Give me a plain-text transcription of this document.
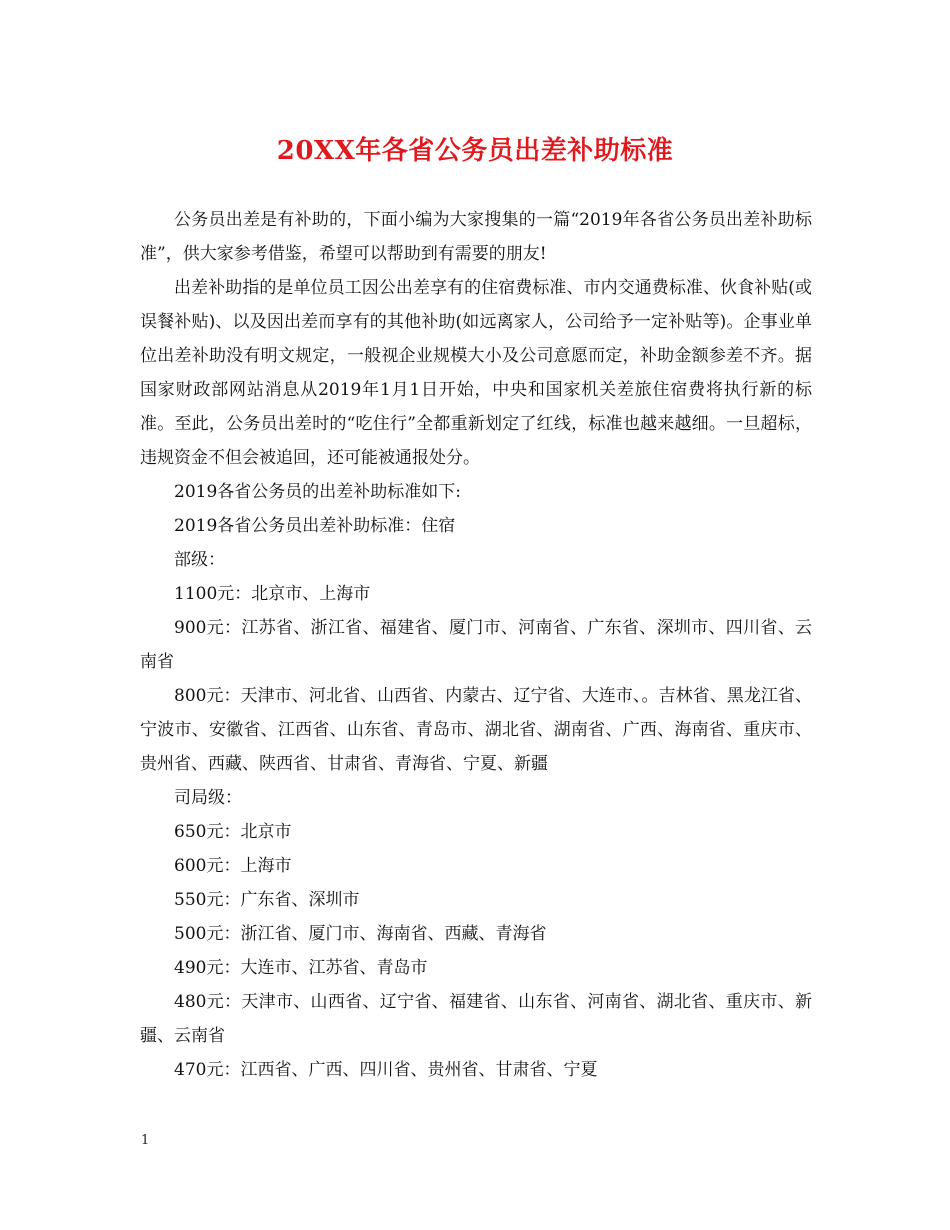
20XX年各省公务员出差补助标准

公务员出差是有补助的，下面小编为大家搜集的一篇“2019年各省公务员出差补助标准”，供大家参考借鉴，希望可以帮助到有需要的朋友!

出差补助指的是单位员工因公出差享有的住宿费标准、市内交通费标准、伙食补贴(或误餐补贴)、以及因出差而享有的其他补助(如远离家人，公司给予一定补贴等)。企事业单位出差补助没有明文规定，一般视企业规模大小及公司意愿而定，补助金额参差不齐。据国家财政部网站消息从2019年1月1日开始，中央和国家机关差旅住宿费将执行新的标准。至此，公务员出差时的“吃住行”全都重新划定了红线，标准也越来越细。一旦超标，违规资金不但会被追回，还可能被通报处分。

2019各省公务员的出差补助标准如下:

2019各省公务员出差补助标准：住宿

部级：

1100元：北京市、上海市

900元：江苏省、浙江省、福建省、厦门市、河南省、广东省、深圳市、四川省、云南省

800元：天津市、河北省、山西省、内蒙古、辽宁省、大连市、。吉林省、黑龙江省、宁波市、安徽省、江西省、山东省、青岛市、湖北省、湖南省、广西、海南省、重庆市、贵州省、西藏、陕西省、甘肃省、青海省、宁夏、新疆

司局级：

650元：北京市

600元：上海市

550元：广东省、深圳市

500元：浙江省、厦门市、海南省、西藏、青海省

490元：大连市、江苏省、青岛市

480元：天津市、山西省、辽宁省、福建省、山东省、河南省、湖北省、重庆市、新疆、云南省

470元：江西省、广西、四川省、贵州省、甘肃省、宁夏

1
